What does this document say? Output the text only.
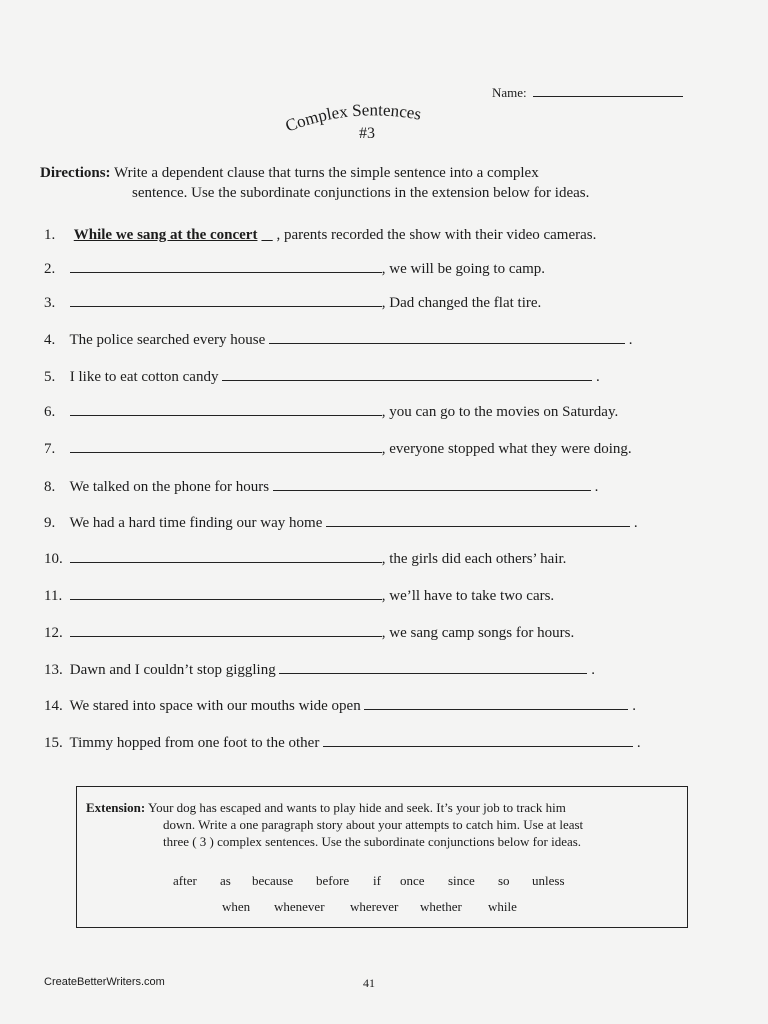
Name:
Complex Sentences
#3
Directions: Write a dependent clause that turns the simple sentence into a complex
sentence. Use the subordinate conjunctions in the extension below for ideas.
1. While we sang at the concert , parents recorded the show with their video cameras.
2.	, we will be going to camp.
3.	, Dad changed the flat tire.
4. The police searched every house	.
5. I like to eat cotton candy	.
6.	, you can go to the movies on Saturday.
7.	, everyone stopped what they were doing.
8. We talked on the phone for hours	.
9. We had a hard time finding our way home	.
10.	, the girls did each others’ hair.
11.	, we’ll have to take two cars.
12.	, we sang camp songs for hours.
13. Dawn and I couldn’t stop giggling	.
14. We stared into space with our mouths wide open	.
15. Timmy hopped from one foot to the other	.
Extension: Your dog has escaped and wants to play hide and seek. It’s your job to track him
down. Write a one paragraph story about your attempts to catch him. Use at least
three ( 3 ) complex sentences. Use the subordinate conjunctions below for ideas.
after as because before if once since so unless
when whenever wherever whether while
CreateBetterWriters.com	41
